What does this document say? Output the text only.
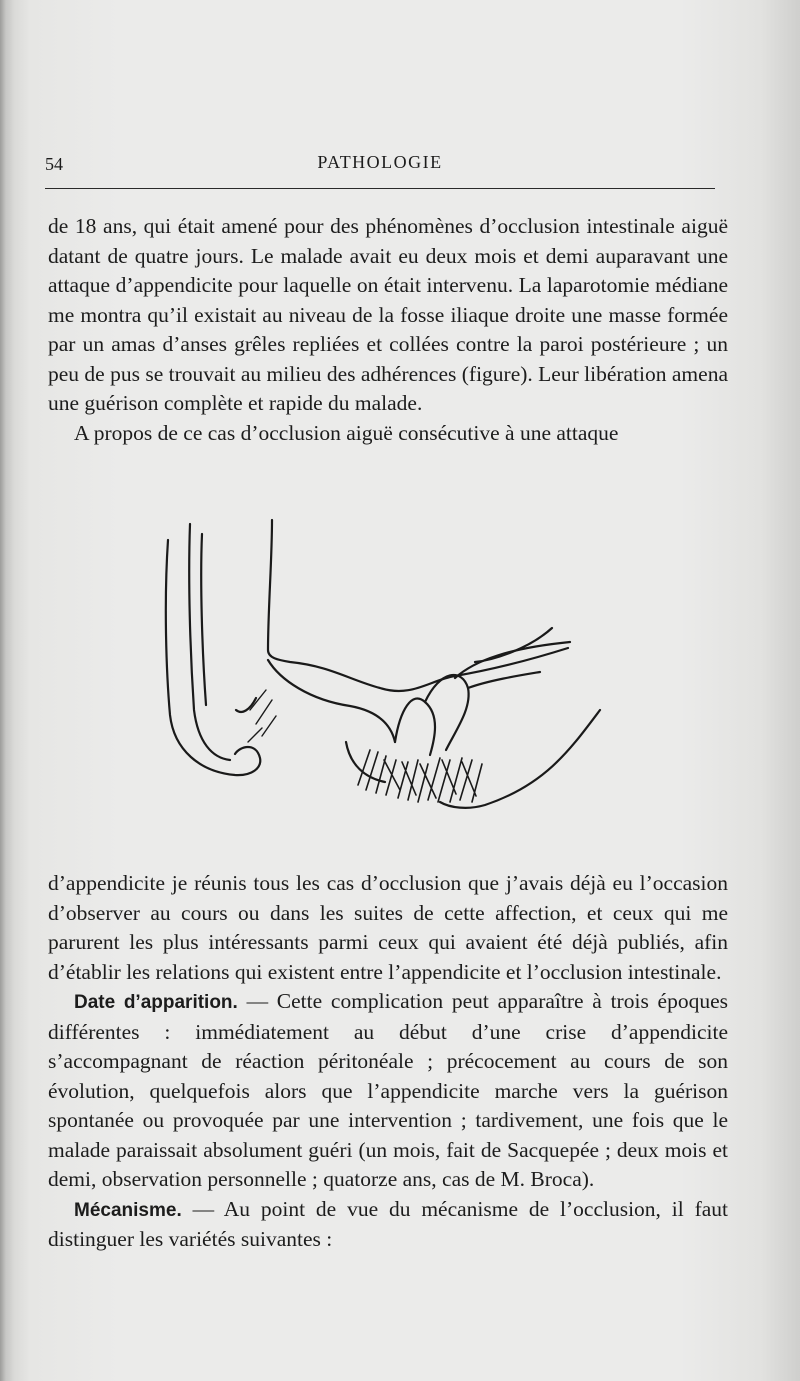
54	PATHOLOGIE

de 18 ans, qui était amené pour des phénomènes d’occlusion intestinale aiguë datant de quatre jours. Le malade avait eu deux mois et demi auparavant une attaque d’appendicite pour laquelle on était intervenu. La laparotomie médiane me montra qu’il existait au niveau de la fosse iliaque droite une masse formée par un amas d’anses grêles repliées et collées contre la paroi postérieure ; un peu de pus se trouvait au milieu des adhérences (figure). Leur libération amena une guérison complète et rapide du malade.

A propos de ce cas d’occlusion aiguë consécutive à une attaque

d’appendicite je réunis tous les cas d’occlusion que j’avais déjà eu l’occasion d’observer au cours ou dans les suites de cette affection, et ceux qui me parurent les plus intéressants parmi ceux qui avaient été déjà publiés, afin d’établir les relations qui existent entre l’appendicite et l’occlusion intestinale.

Date d’apparition. — Cette complication peut apparaître à trois époques différentes : immédiatement au début d’une crise d’appendicite s’accompagnant de réaction péritonéale ; précocement au cours de son évolution, quelquefois alors que l’appendicite marche vers la guérison spontanée ou provoquée par une intervention ; tardivement, une fois que le malade paraissait absolument guéri (un mois, fait de Sacquepée ; deux mois et demi, observation personnelle ; quatorze ans, cas de M. Broca).

Mécanisme. — Au point de vue du mécanisme de l’occlusion, il faut distinguer les variétés suivantes :
